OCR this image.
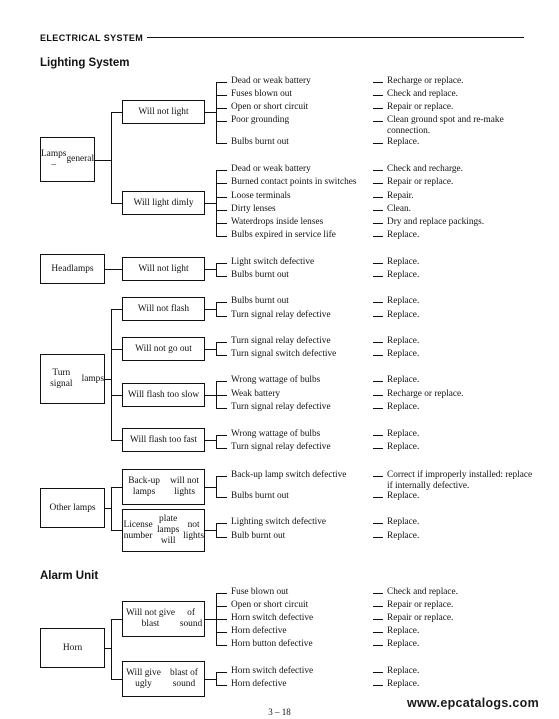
ELECTRICAL SYSTEM
Lighting System
Alarm Unit
Dead or weak battery	Recharge or replace.
Fuses blown out	Check and replace.
Open or short circuit	Repair or replace.
Poor grounding	Clean ground spot and re-make connection.
Bulbs burnt out	Replace.
Dead or weak battery	Check and recharge.
Burned contact points in switches	Repair or replace.
Loose terminals	Repair.
Dirty lenses	Clean.
Waterdrops inside lenses	Dry and replace packings.
Bulbs expired in service life	Replace.
Light switch defective	Replace.
Bulbs burnt out	Replace.
Bulbs burnt out	Replace.
Turn signal relay defective	Replace.
Turn signal relay defective	Replace.
Turn signal switch defective	Replace.
Wrong wattage of bulbs	Replace.
Weak battery	Recharge or replace.
Turn signal relay defective	Replace.
Wrong wattage of bulbs	Replace.
Turn signal relay defective	Replace.
Back-up lamp switch defective	Correct if improperly installed: replace if internally defective.
Bulbs burnt out	Replace.
Lighting switch defective	Replace.
Bulb burnt out	Replace.
Fuse blown out	Check and replace.
Open or short circuit	Repair or replace.
Horn switch defective	Repair or replace.
Horn defective	Replace.
Horn button defective	Replace.
Horn switch defective	Replace.
Horn defective	Replace.
Will not light
Will light dimly
Will not light
Will not flash
Will not go out
Will flash too slow
Will flash too fast
Back-up lamps
will not lights
License number
plate lamps will
not lights
Will not give blast
of sound
Will give ugly
blast of sound
Lamps –
general
Headlamps
Turn signal
lamps
Other lamps
Horn
3 – 18
www.epcatalogs.com
